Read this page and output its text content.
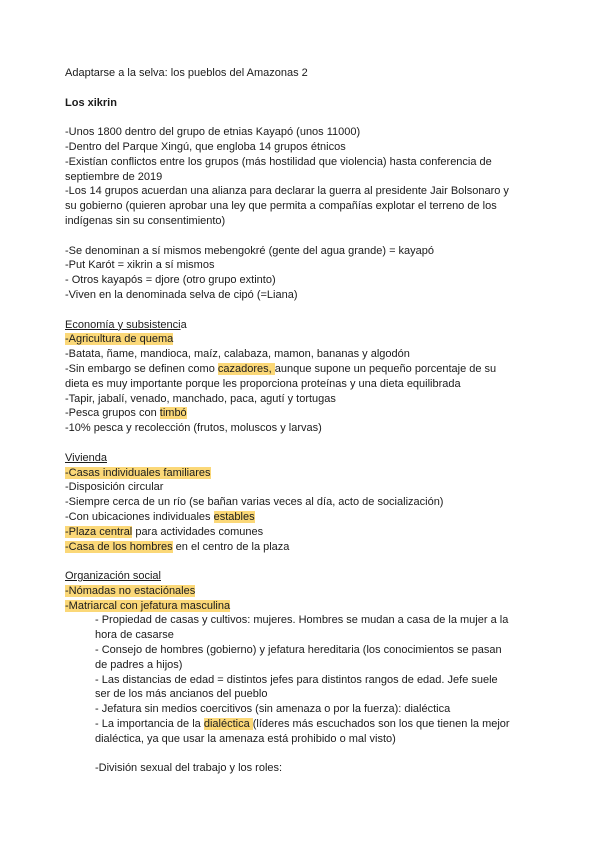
Adaptarse a la selva: los pueblos del Amazonas 2

Los xikrin

-Unos 1800 dentro del grupo de etnias Kayapó (unos 11000)
-Dentro del Parque Xingú, que engloba 14 grupos étnicos
-Existían conflictos entre los grupos (más hostilidad que violencia) hasta conferencia de
septiembre de 2019
-Los 14 grupos acuerdan una alianza para declarar la guerra al presidente Jair Bolsonaro y
su gobierno (quieren aprobar una ley que permita a compañías explotar el terreno de los
indígenas sin su consentimiento)

-Se denominan a sí mismos mebengokré (gente del agua grande) = kayapó
-Put Karót = xikrin a sí mismos
- Otros kayapós = djore (otro grupo extinto)
-Viven en la denominada selva de cipó (=Liana)

Economía y subsistencia
-Agricultura de quema
-Batata, ñame, mandioca, maíz, calabaza, mamon, bananas y algodón
-Sin embargo se definen como cazadores, aunque supone un pequeño porcentaje de su
dieta es muy importante porque les proporciona proteínas y una dieta equilibrada
-Tapir, jabalí, venado, manchado, paca, agutí y tortugas
-Pesca grupos con timbó
-10% pesca y recolección (frutos, moluscos y larvas)

Vivienda
-Casas individuales familiares
-Disposición circular
-Siempre cerca de un río (se bañan varias veces al día, acto de socialización)
-Con ubicaciones individuales estables
-Plaza central para actividades comunes
-Casa de los hombres en el centro de la plaza

Organización social
-Nómadas no estaciónales
-Matriarcal con jefatura masculina
- Propiedad de casas y cultivos: mujeres. Hombres se mudan a casa de la mujer a la
hora de casarse
- Consejo de hombres (gobierno) y jefatura hereditaria (los conocimientos se pasan
de padres a hijos)
- Las distancias de edad = distintos jefes para distintos rangos de edad. Jefe suele
ser de los más ancianos del pueblo
- Jefatura sin medios coercitivos (sin amenaza o por la fuerza): dialéctica
- La importancia de la dialéctica (líderes más escuchados son los que tienen la mejor
dialéctica, ya que usar la amenaza está prohibido o mal visto)

-División sexual del trabajo y los roles:
